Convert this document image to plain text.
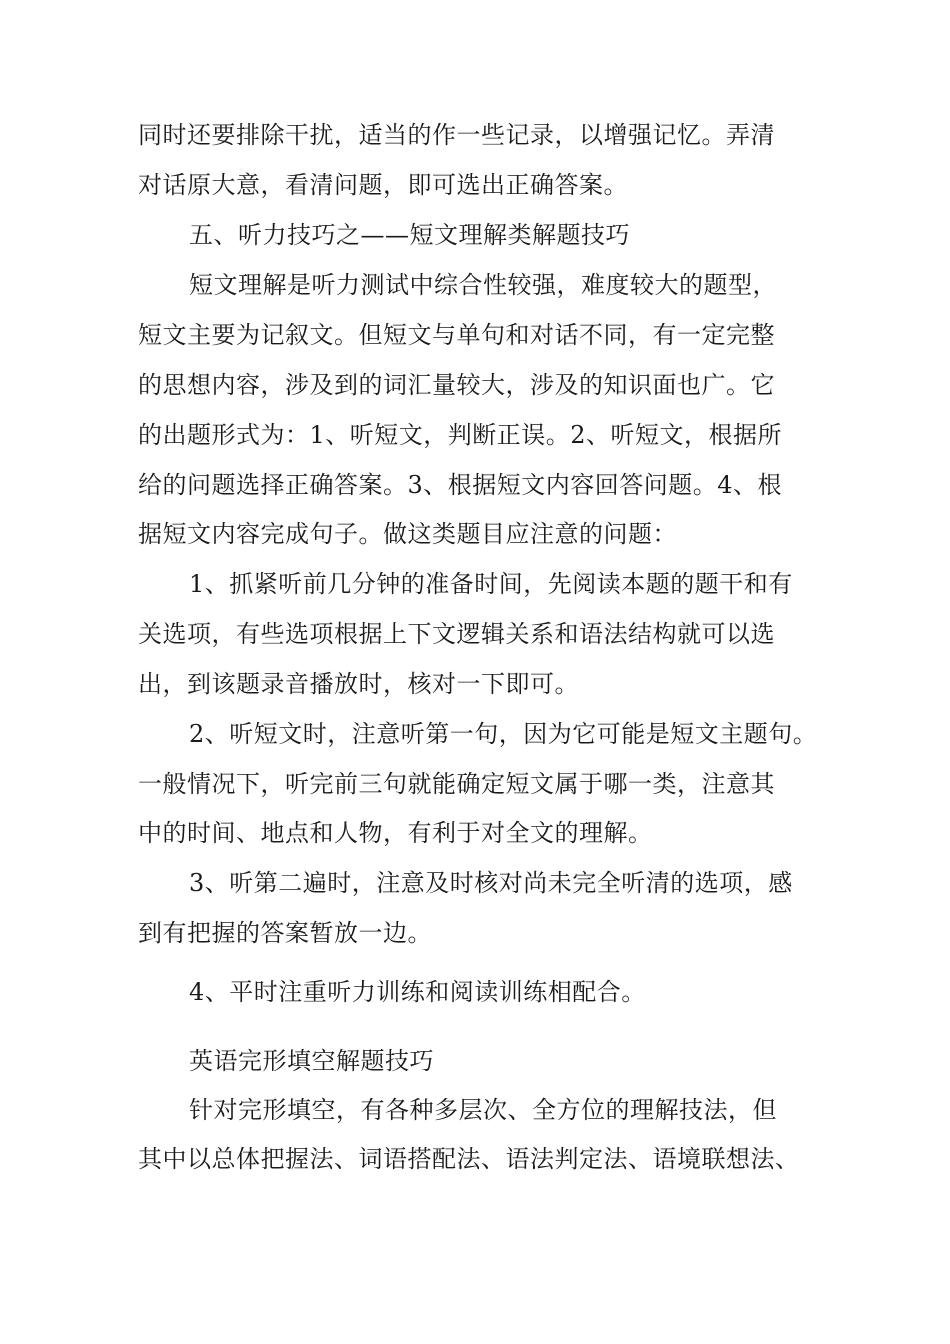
同时还要排除干扰，适当的作一些记录，以增强记忆。弄清
对话原大意，看清问题，即可选出正确答案。
五、听力技巧之——短文理解类解题技巧
短文理解是听力测试中综合性较强，难度较大的题型，
短文主要为记叙文。但短文与单句和对话不同，有一定完整
的思想内容，涉及到的词汇量较大，涉及的知识面也广。它
的出题形式为：1、听短文，判断正误。2、听短文，根据所
给的问题选择正确答案。3、根据短文内容回答问题。4、根
据短文内容完成句子。做这类题目应注意的问题：
1、抓紧听前几分钟的准备时间，先阅读本题的题干和有
关选项，有些选项根据上下文逻辑关系和语法结构就可以选
出，到该题录音播放时，核对一下即可。
2、听短文时，注意听第一句，因为它可能是短文主题句。
一般情况下，听完前三句就能确定短文属于哪一类，注意其
中的时间、地点和人物，有利于对全文的理解。
3、听第二遍时，注意及时核对尚未完全听清的选项，感
到有把握的答案暂放一边。
4、平时注重听力训练和阅读训练相配合。
英语完形填空解题技巧
针对完形填空，有各种多层次、全方位的理解技法，但
其中以总体把握法、词语搭配法、语法判定法、语境联想法、
